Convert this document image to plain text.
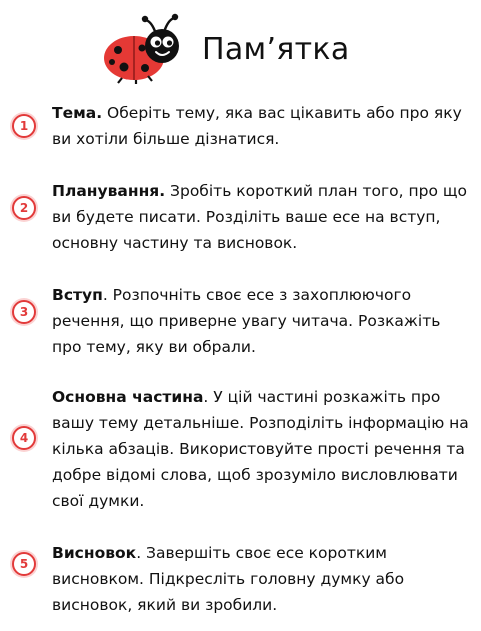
Пам’ятка
1
Тема. Оберіть тему, яка вас цікавить або про яку ви хотіли більше дізнатися.
2
Планування. Зробіть короткий план того, про що ви будете писати. Розділіть ваше есе на вступ, основну частину та висновок.
3
Вступ. Розпочніть своє есе з захоплюючого речення, що приверне увагу читача. Розкажіть про тему, яку ви обрали.
4
Основна частина. У цій частині розкажіть про вашу тему детальніше. Розподіліть інформацію на кілька абзаців. Використовуйте прості речення та добре відомі слова, щоб зрозуміло висловлювати свої думки.
5
Висновок. Завершіть своє есе коротким висновком. Підкресліть головну думку або висновок, який ви зробили.
